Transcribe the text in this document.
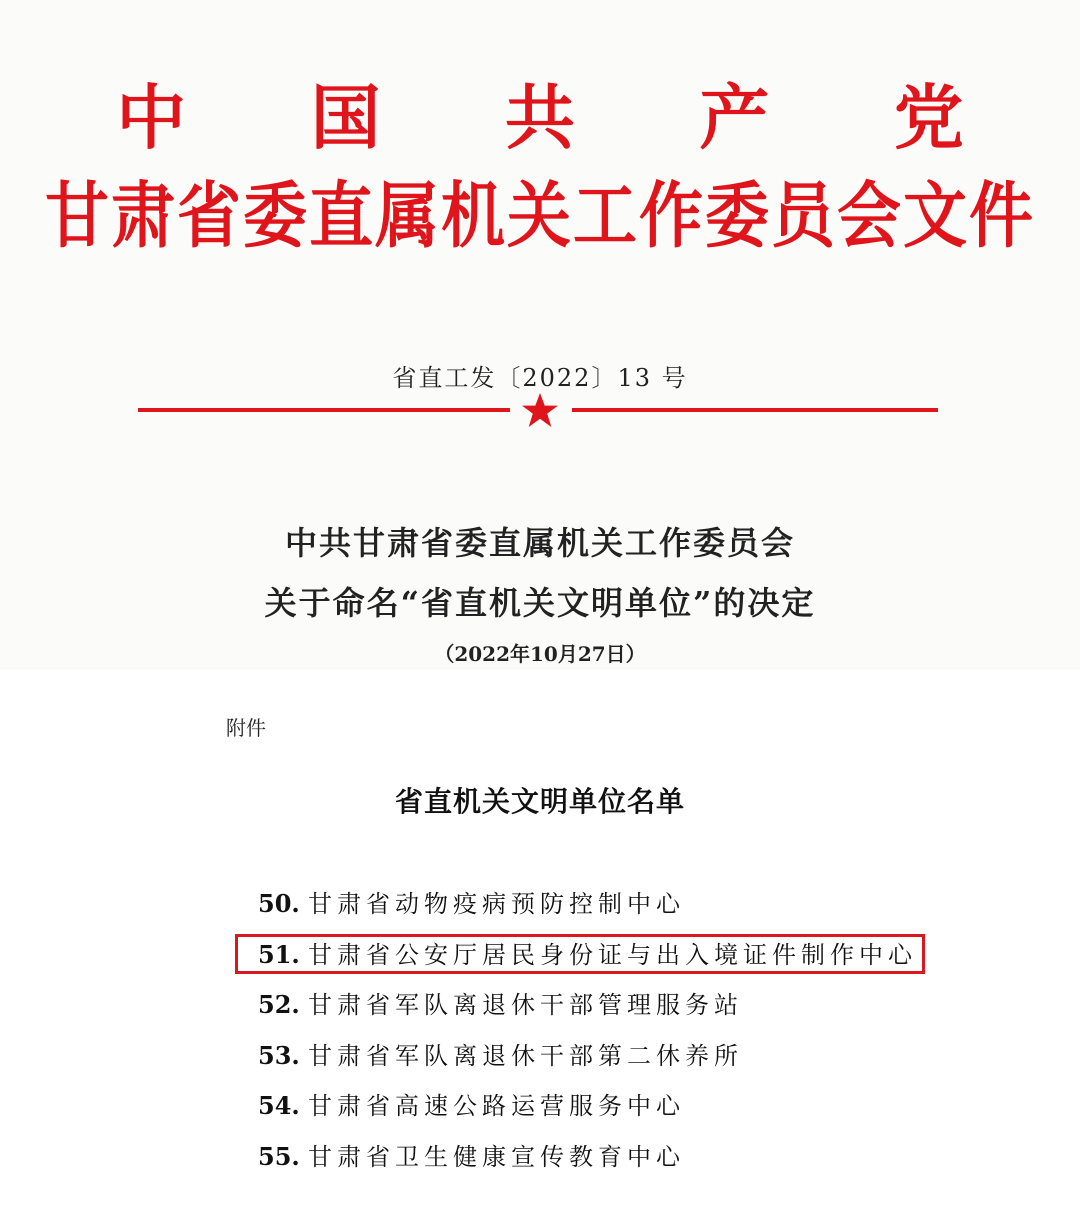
中 国 共 产 党
甘肃省委直属机关工作委员会文件
省直工发〔2022〕13 号
中共甘肃省委直属机关工作委员会
关于命名“省直机关文明单位”的决定
（2022年10月27日）
附件
省直机关文明单位名单
50. 甘肃省动物疫病预防控制中心
51. 甘肃省公安厅居民身份证与出入境证件制作中心
52. 甘肃省军队离退休干部管理服务站
53. 甘肃省军队离退休干部第二休养所
54. 甘肃省高速公路运营服务中心
55. 甘肃省卫生健康宣传教育中心
